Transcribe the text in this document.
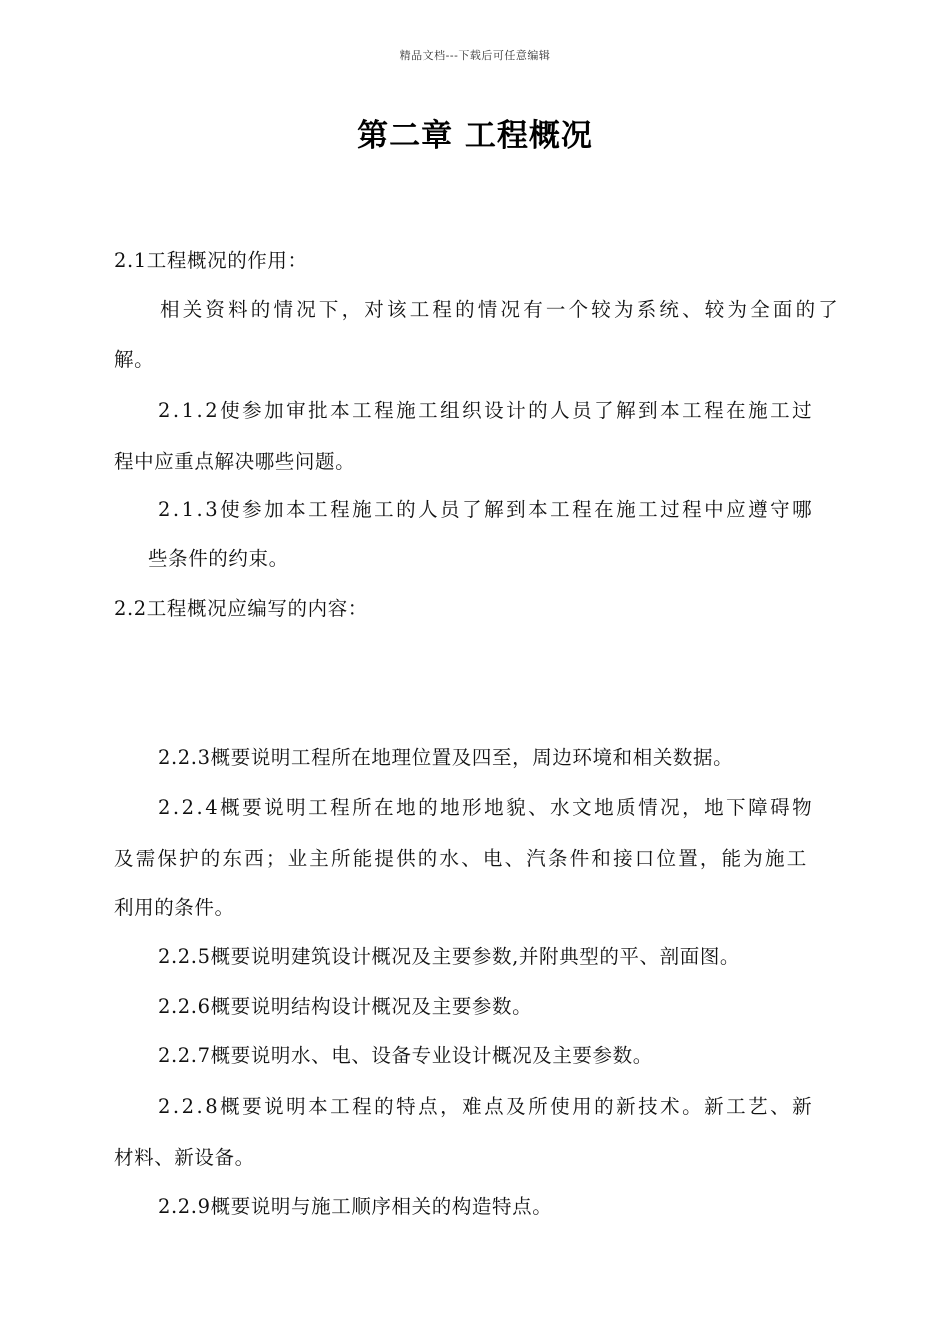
精品文档---下载后可任意编辑
第二章 工程概况
2.1工程概况的作用：
相关资料的情况下，对该工程的情况有一个较为系统、较为全面的了
解。
2.1.2使参加审批本工程施工组织设计的人员了解到本工程在施工过
程中应重点解决哪些问题。
2.1.3使参加本工程施工的人员了解到本工程在施工过程中应遵守哪
些条件的约束。
2.2工程概况应编写的内容：
2.2.3概要说明工程所在地理位置及四至，周边环境和相关数据。
2.2.4概要说明工程所在地的地形地貌、水文地质情况，地下障碍物
及需保护的东西；业主所能提供的水、电、汽条件和接口位置，能为施工
利用的条件。
2.2.5概要说明建筑设计概况及主要参数,并附典型的平、剖面图。
2.2.6概要说明结构设计概况及主要参数。
2.2.7概要说明水、电、设备专业设计概况及主要参数。
2.2.8概要说明本工程的特点，难点及所使用的新技术。新工艺、新
材料、新设备。
2.2.9概要说明与施工顺序相关的构造特点。
